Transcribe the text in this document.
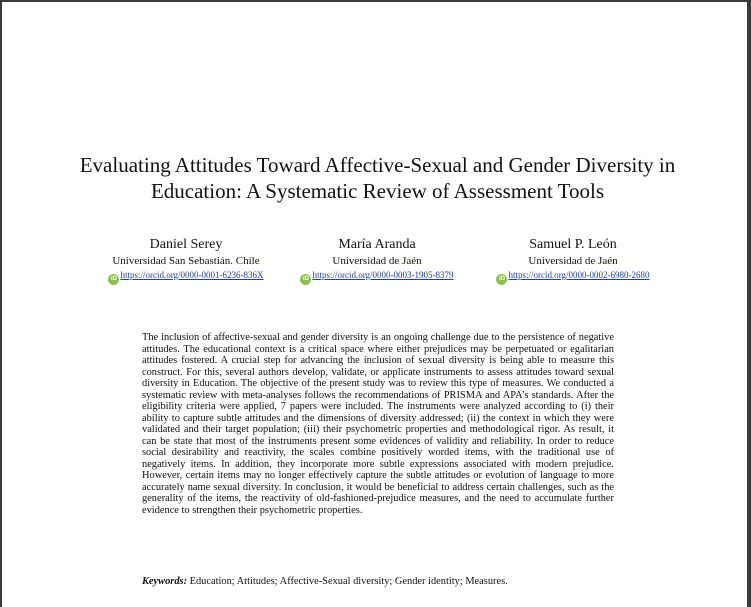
Evaluating Attitudes Toward Affective-Sexual and Gender Diversity in
Education: A Systematic Review of Assessment Tools
Daniel Serey
Universidad San Sebastián. Chile
iD https://orcid.org/0000-0001-6236-836X
María Aranda
Universidad de Jaén
iD https://orcid.org/0000-0003-1905-8379
Samuel P. León
Universidad de Jaén
iD https://orcid.org/0000-0002-6980-2680
The inclusion of affective-sexual and gender diversity is an ongoing challenge due to the persistence of negative attitudes. The educational context is a critical space where either prejudices may be perpetuated or egalitarian attitudes fostered. A crucial step for advancing the inclusion of sexual diversity is being able to measure this construct. For this, several authors develop, validate, or applicate instruments to assess attitudes toward sexual diversity in Education. The objective of the present study was to review this type of measures. We conducted a systematic review with meta-analyses follows the recommendations of PRISMA and APA’s standards. After the eligibility criteria were applied, 7 papers were included. The instruments were analyzed according to (i) their ability to capture subtle attitudes and the dimensions of diversity addressed; (ii) the context in which they were validated and their target population; (iii) their psychometric properties and methodological rigor. As result, it can be state that most of the instruments present some evidences of validity and reliability. In order to reduce social desirability and reactivity, the scales combine positively worded items, with the traditional use of negatively items. In addition, they incorporate more subtle expressions associated with modern prejudice. However, certain items may no longer effectively capture the subtle attitudes or evolution of language to more accurately name sexual diversity. In conclusion, it would be beneficial to address certain challenges, such as the generality of the items, the reactivity of old-fashioned-prejudice measures, and the need to accumulate further evidence to strengthen their psychometric properties.
Keywords: Education; Attitudes; Affective-Sexual diversity; Gender identity; Measures.
